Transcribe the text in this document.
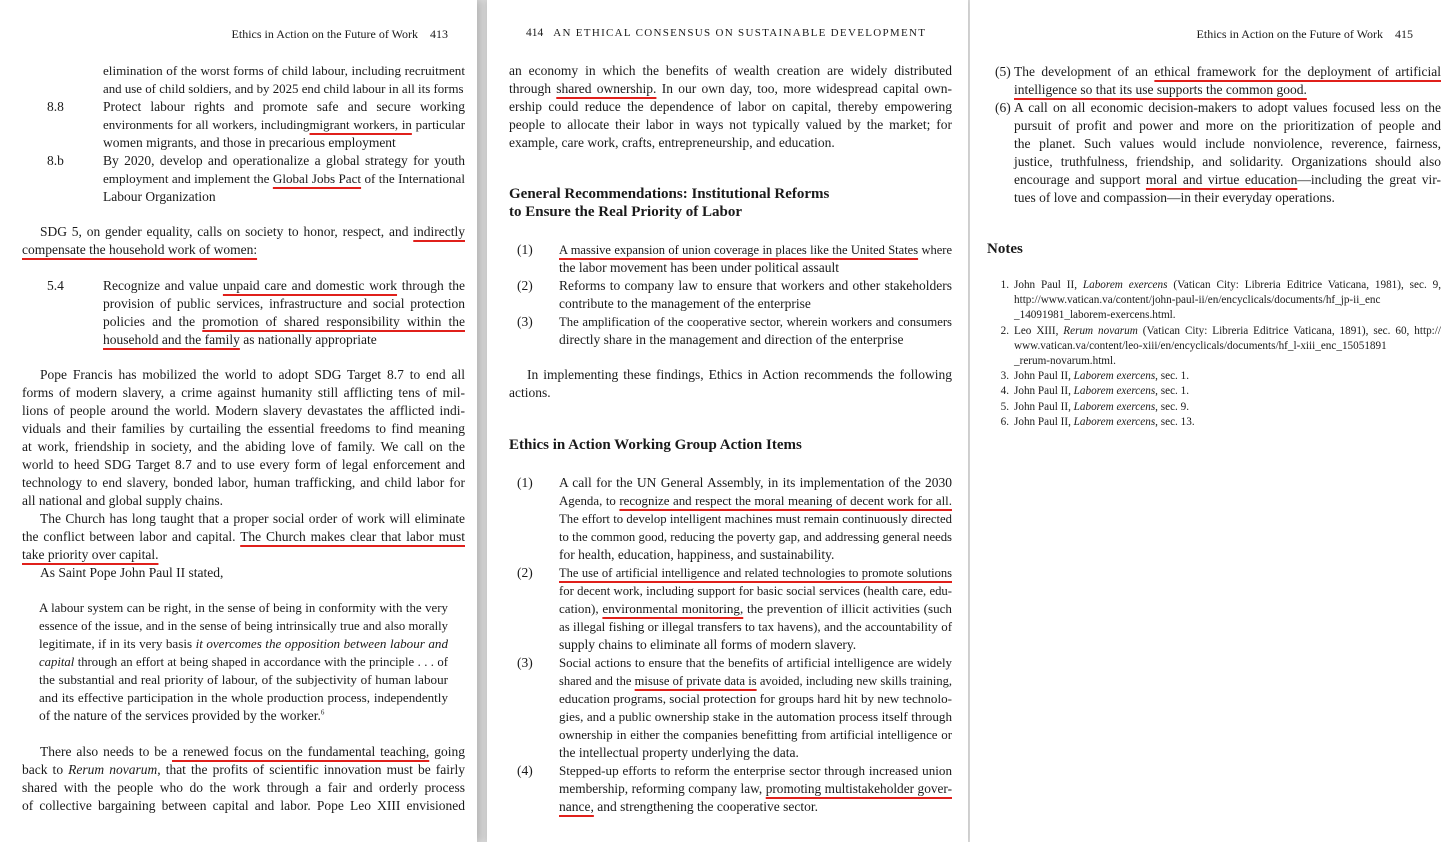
Ethics in Action on the Future of Work 413
elimination of the worst forms of child labour, including recruitment
and use of child soldiers, and by 2025 end child labour in all its forms
8.8	Protect labour rights and promote safe and secure working
environments for all workers, includingmigrant workers, in particular
women migrants, and those in precarious employment
8.b	By 2020, develop and operationalize a global strategy for youth
employment and implement the Global Jobs Pact of the International
Labour Organization
SDG 5, on gender equality, calls on society to honor, respect, and indirectly
compensate the household work of women:
5.4	Recognize and value unpaid care and domestic work through the
provision of public services, infrastructure and social protection
policies and the promotion of shared responsibility within the
household and the family as nationally appropriate
Pope Francis has mobilized the world to adopt SDG Target 8.7 to end all
forms of modern slavery, a crime against humanity still afflicting tens of mil-
lions of people around the world. Modern slavery devastates the afflicted indi-
viduals and their families by curtailing the essential freedoms to find meaning
at work, friendship in society, and the abiding love of family. We call on the
world to heed SDG Target 8.7 and to use every form of legal enforcement and
technology to end slavery, bonded labor, human trafficking, and child labor for
all national and global supply chains.
The Church has long taught that a proper social order of work will eliminate
the conflict between labor and capital. The Church makes clear that labor must
take priority over capital.
As Saint Pope John Paul II stated,
A labour system can be right, in the sense of being in conformity with the very
essence of the issue, and in the sense of being intrinsically true and also morally
legitimate, if in its very basis it overcomes the opposition between labour and
capital through an effort at being shaped in accordance with the principle . . . of
the substantial and real priority of labour, of the subjectivity of human labour
and its effective participation in the whole production process, independently
of the nature of the services provided by the worker.$^6$
There also needs to be a renewed focus on the fundamental teaching, going
back to Rerum novarum, that the profits of scientific innovation must be fairly
shared with the people who do the work through a fair and orderly process
of collective bargaining between capital and labor. Pope Leo XIII envisioned
414 AN ETHICAL CONSENSUS ON SUSTAINABLE DEVELOPMENT
an economy in which the benefits of wealth creation are widely distributed
through shared ownership. In our own day, too, more widespread capital own-
ership could reduce the dependence of labor on capital, thereby empowering
people to allocate their labor in ways not typically valued by the market; for
example, care work, crafts, entrepreneurship, and education.
General Recommendations: Institutional Reforms
to Ensure the Real Priority of Labor
(1) A massive expansion of union coverage in places like the United States where
the labor movement has been under political assault
(2) Reforms to company law to ensure that workers and other stakeholders
contribute to the management of the enterprise
(3) The amplification of the cooperative sector, wherein workers and consumers
directly share in the management and direction of the enterprise
In implementing these findings, Ethics in Action recommends the following
actions.
Ethics in Action Working Group Action Items
(1) A call for the UN General Assembly, in its implementation of the 2030
Agenda, to recognize and respect the moral meaning of decent work for all.
The effort to develop intelligent machines must remain continuously directed
to the common good, reducing the poverty gap, and addressing general needs
for health, education, happiness, and sustainability.
(2) The use of artificial intelligence and related technologies to promote solutions
for decent work, including support for basic social services (health care, edu-
cation), environmental monitoring, the prevention of illicit activities (such
as illegal fishing or illegal transfers to tax havens), and the accountability of
supply chains to eliminate all forms of modern slavery.
(3) Social actions to ensure that the benefits of artificial intelligence are widely
shared and the misuse of private data is avoided, including new skills training,
education programs, social protection for groups hard hit by new technolo-
gies, and a public ownership stake in the automation process itself through
ownership in either the companies benefitting from artificial intelligence or
the intellectual property underlying the data.
(4) Stepped-up efforts to reform the enterprise sector through increased union
membership, reforming company law, promoting multistakeholder gover-
nance, and strengthening the cooperative sector.
Ethics in Action on the Future of Work 415
(5) The development of an ethical framework for the deployment of artificial
intelligence so that its use supports the common good.
(6) A call on all economic decision-makers to adopt values focused less on the
pursuit of profit and power and more on the prioritization of people and
the planet. Such values would include nonviolence, reverence, fairness,
justice, truthfulness, friendship, and solidarity. Organizations should also
encourage and support moral and virtue education—including the great vir-
tues of love and compassion—in their everyday operations.
Notes
1. John Paul II, Laborem exercens (Vatican City: Libreria Editrice Vaticana, 1981), sec. 9,
http://www.vatican.va/content/john-paul-ii/en/encyclicals/documents/hf_jp-ii_enc
_14091981_laborem-exercens.html.
2. Leo XIII, Rerum novarum (Vatican City: Libreria Editrice Vaticana, 1891), sec. 60, http://
www.vatican.va/content/leo-xiii/en/encyclicals/documents/hf_l-xiii_enc_15051891
_rerum-novarum.html.
3. John Paul II, Laborem exercens, sec. 1.
4. John Paul II, Laborem exercens, sec. 1.
5. John Paul II, Laborem exercens, sec. 9.
6. John Paul II, Laborem exercens, sec. 13.
